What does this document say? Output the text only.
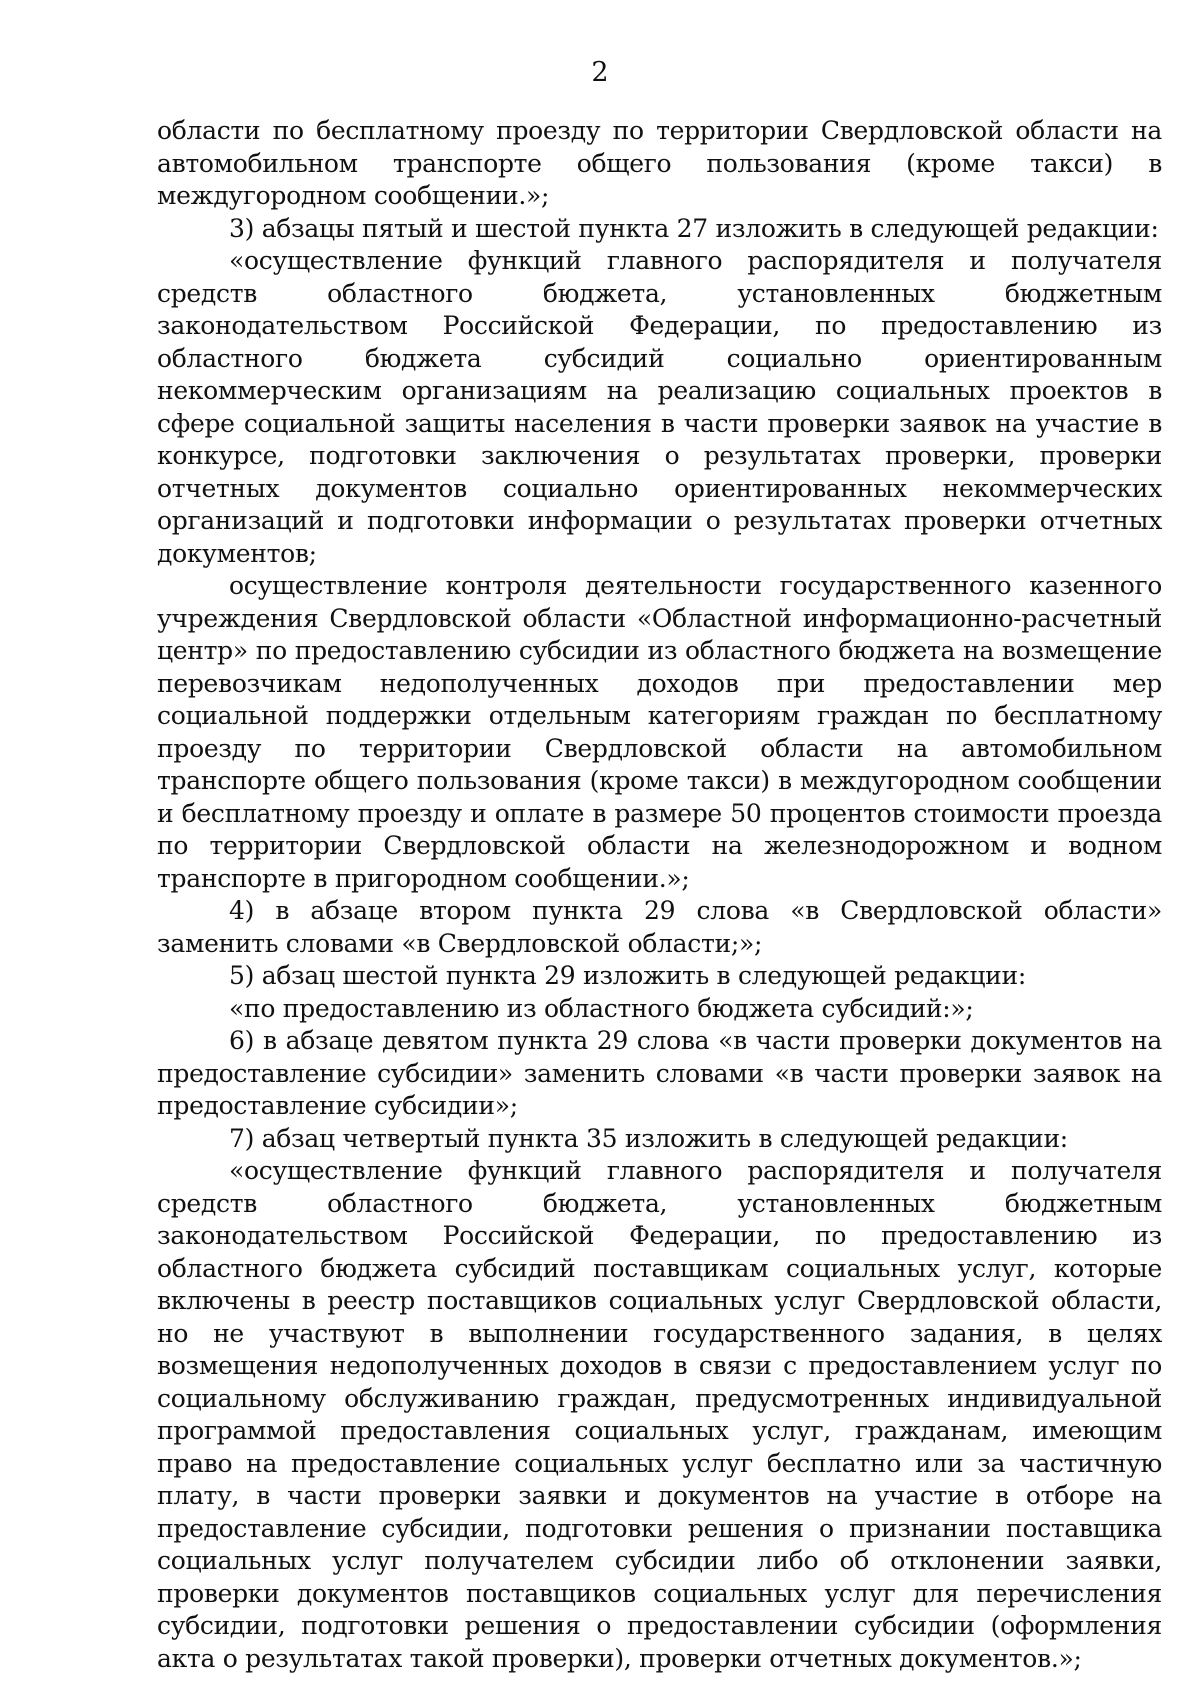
2

области по бесплатному проезду по территории Свердловской области на автомобильном транспорте общего пользования (кроме такси) в междугородном сообщении.»;

3) абзацы пятый и шестой пункта 27 изложить в следующей редакции:

«осуществление функций главного распорядителя и получателя средств областного бюджета, установленных бюджетным законодательством Российской Федерации, по предоставлению из областного бюджета субсидий социально ориентированным некоммерческим организациям на реализацию социальных проектов в сфере социальной защиты населения в части проверки заявок на участие в конкурсе, подготовки заключения о результатах проверки, проверки отчетных документов социально ориентированных некоммерческих организаций и подготовки информации о результатах проверки отчетных документов;

осуществление контроля деятельности государственного казенного учреждения Свердловской области «Областной информационно-расчетный центр» по предоставлению субсидии из областного бюджета на возмещение перевозчикам недополученных доходов при предоставлении мер социальной поддержки отдельным категориям граждан по бесплатному проезду по территории Свердловской области на автомобильном транспорте общего пользования (кроме такси) в междугородном сообщении и бесплатному проезду и оплате в размере 50 процентов стоимости проезда по территории Свердловской области на железнодорожном и водном транспорте в пригородном сообщении.»;

4) в абзаце втором пункта 29 слова «в Свердловской области» заменить словами «в Свердловской области;»;

5) абзац шестой пункта 29 изложить в следующей редакции:

«по предоставлению из областного бюджета субсидий:»;

6) в абзаце девятом пункта 29 слова «в части проверки документов на предоставление субсидии» заменить словами «в части проверки заявок на предоставление субсидии»;

7) абзац четвертый пункта 35 изложить в следующей редакции:

«осуществление функций главного распорядителя и получателя средств областного бюджета, установленных бюджетным законодательством Российской Федерации, по предоставлению из областного бюджета субсидий поставщикам социальных услуг, которые включены в реестр поставщиков социальных услуг Свердловской области, но не участвуют в выполнении государственного задания, в целях возмещения недополученных доходов в связи с предоставлением услуг по социальному обслуживанию граждан, предусмотренных индивидуальной программой предоставления социальных услуг, гражданам, имеющим право на предоставление социальных услуг бесплатно или за частичную плату, в части проверки заявки и документов на участие в отборе на предоставление субсидии, подготовки решения о признании поставщика социальных услуг получателем субсидии либо об отклонении заявки, проверки документов поставщиков социальных услуг для перечисления субсидии, подготовки решения о предоставлении субсидии (оформления акта о результатах такой проверки), проверки отчетных документов.»;
